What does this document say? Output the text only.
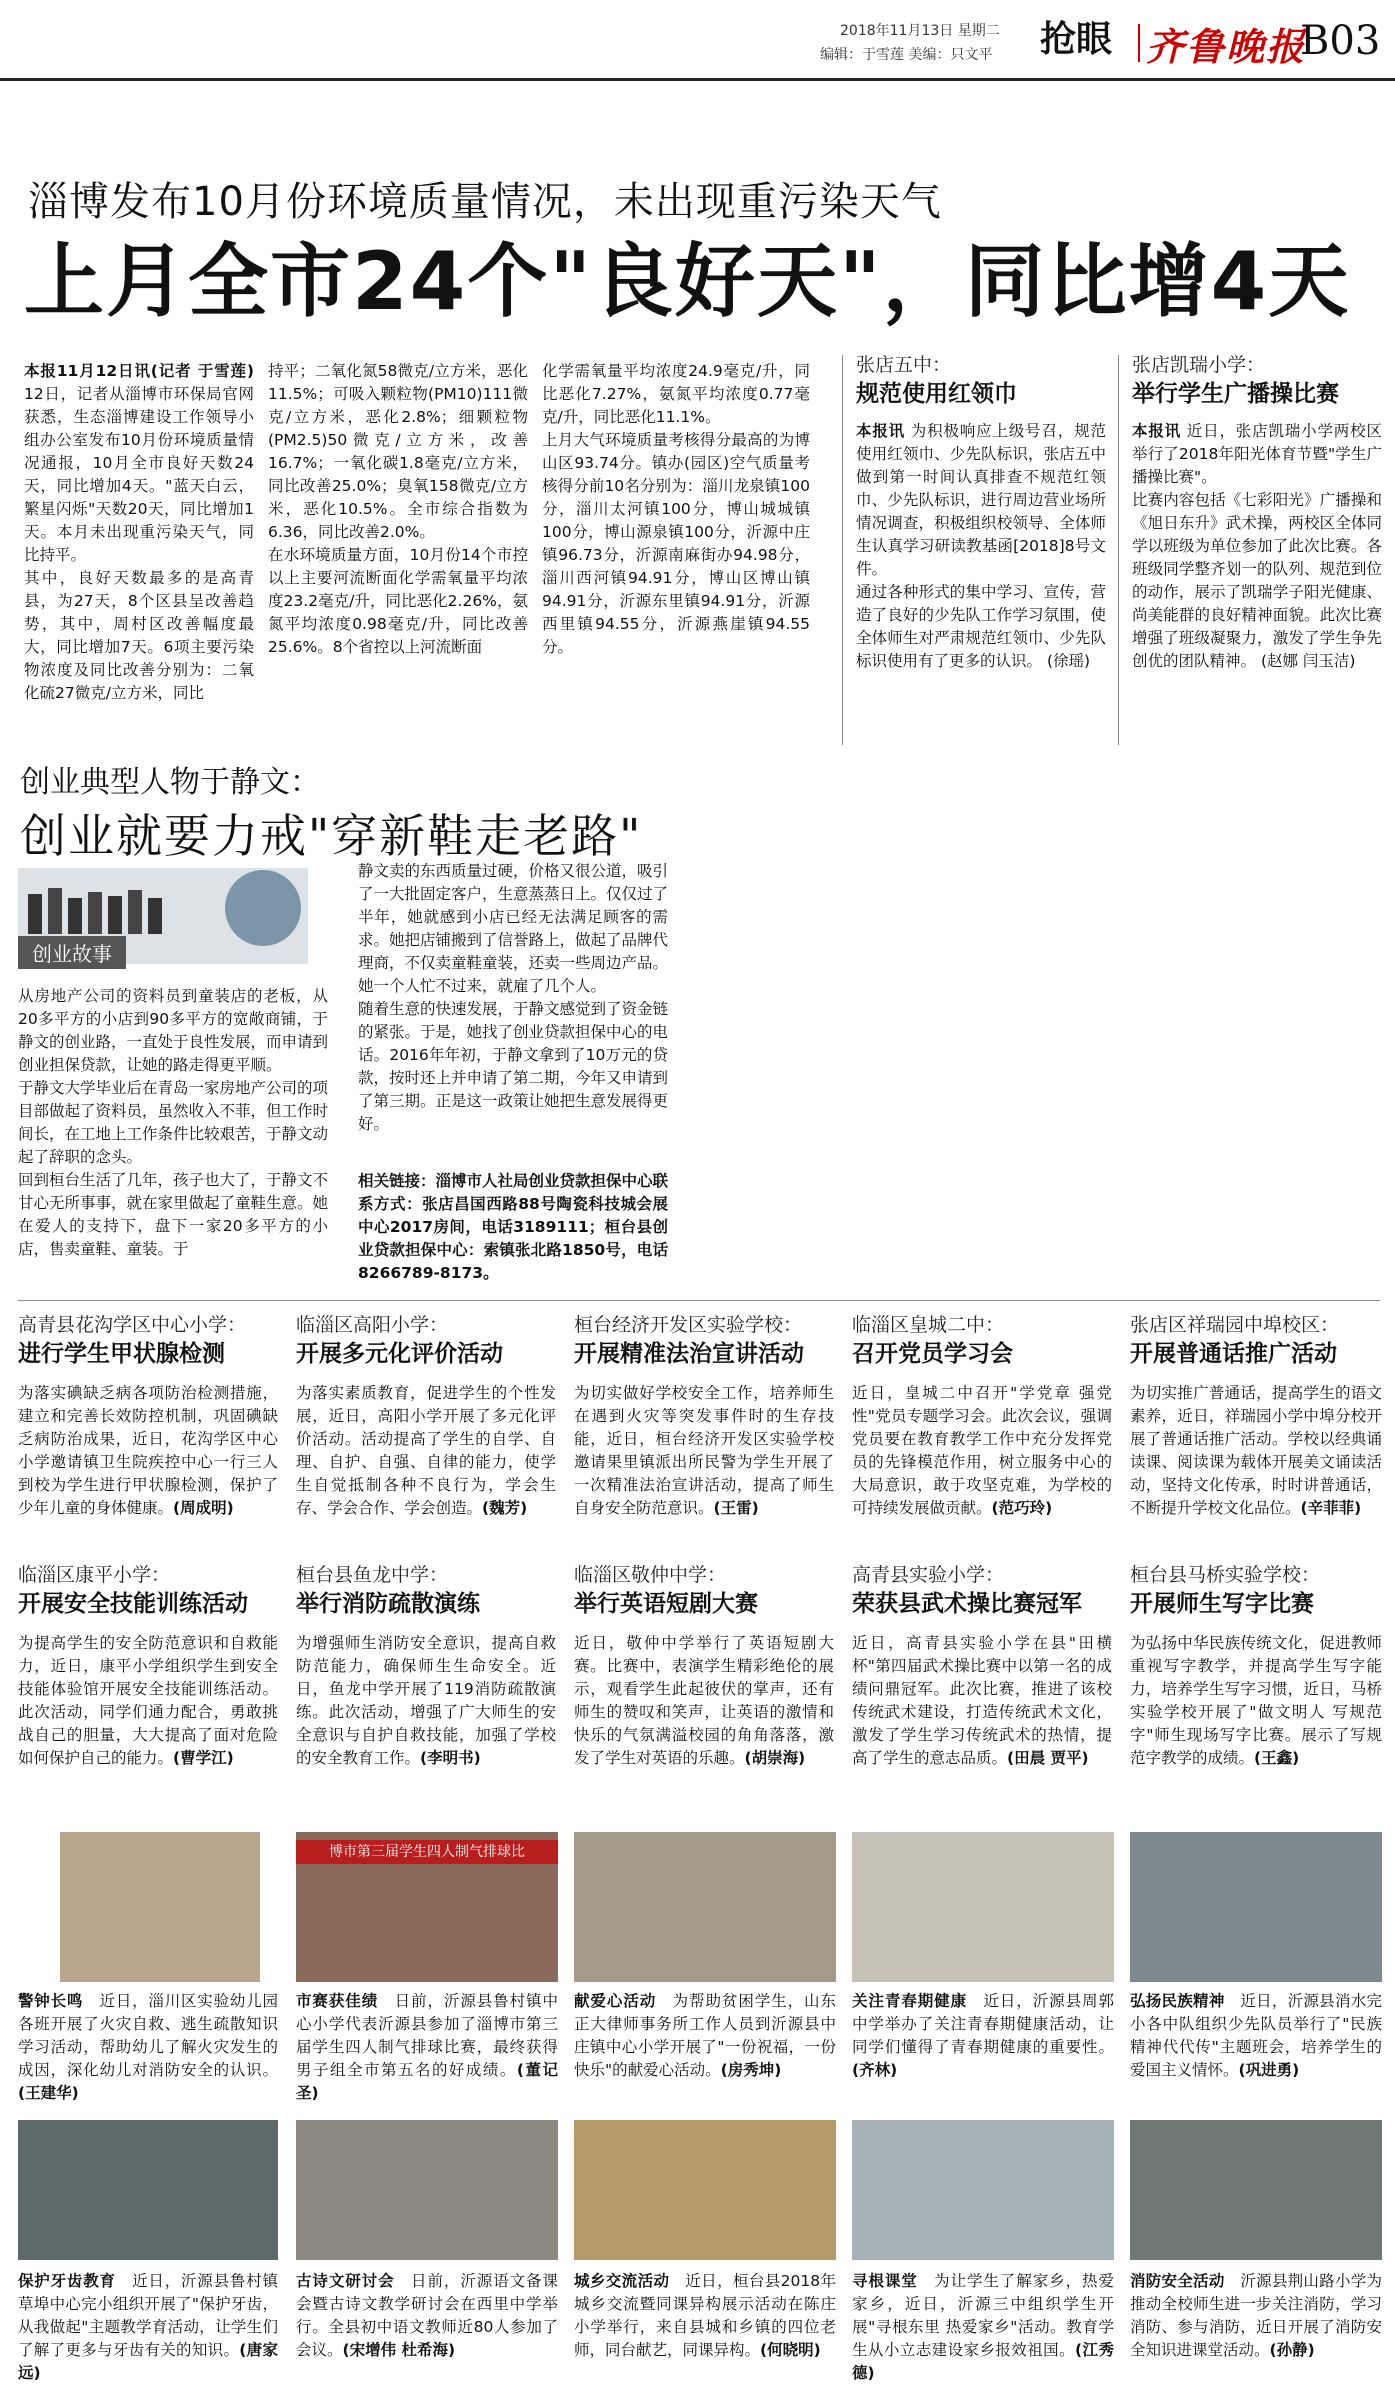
2018年11月13日 星期二
编辑：于雪莲 美编：只文平 抢眼 齐鲁晚报
B03
淄博发布10月份环境质量情况，未出现重污染天气
上月全市24个"良好天"，同比增4天
本报11月12日讯(记者 于雪莲) 12日，记者从淄博市环保局官网获悉，生态淄博建设工作领导小组办公室发布10月份环境质量情况通报，10月全市良好天数24天，同比增加4天。"蓝天白云，繁星闪烁"天数20天，同比增加1天。本月未出现重污染天气，同比持平。
其中，良好天数最多的是高青县，为27天，8个区县呈改善趋势，其中，周村区改善幅度最大，同比增加7天。6项主要污染物浓度及同比改善分别为：二氧化硫27微克/立方米，同比
持平；二氧化氮58微克/立方米，恶化11.5%；可吸入颗粒物(PM10)111微克/立方米，恶化2.8%；细颗粒物(PM2.5)50微克/立方米，改善16.7%；一氧化碳1.8毫克/立方米，同比改善25.0%；臭氧158微克/立方米，恶化10.5%。全市综合指数为6.36，同比改善2.0%。
在水环境质量方面，10月份14个市控以上主要河流断面化学需氧量平均浓度23.2毫克/升，同比恶化2.26%，氨氮平均浓度0.98毫克/升，同比改善25.6%。8个省控以上河流断面
化学需氧量平均浓度24.9毫克/升，同比恶化7.27%，氨氮平均浓度0.77毫克/升，同比恶化11.1%。
上月大气环境质量考核得分最高的为博山区93.74分。镇办(园区)空气质量考核得分前10名分别为：淄川龙泉镇100分，淄川太河镇100分，博山城城镇100分，博山源泉镇100分，沂源中庄镇96.73分，沂源南麻街办94.98分，淄川西河镇94.91分，博山区博山镇94.91分，沂源东里镇94.91分，沂源西里镇94.55分，沂源燕崖镇94.55分。
张店五中：
规范使用红领巾
本报讯 为积极响应上级号召，规范使用红领巾、少先队标识，张店五中做到第一时间认真排查不规范红领巾、少先队标识，进行周边营业场所情况调查，积极组织校领导、全体师生认真学习研读教基函[2018]8号文件。
通过各种形式的集中学习、宣传，营造了良好的少先队工作学习氛围，使全体师生对严肃规范红领巾、少先队标识使用有了更多的认识。 (徐瑶)
张店凯瑞小学：
举行学生广播操比赛
本报讯 近日，张店凯瑞小学两校区举行了2018年阳光体育节暨"学生广播操比赛"。
比赛内容包括《七彩阳光》广播操和《旭日东升》武术操，两校区全体同学以班级为单位参加了此次比赛。各班级同学整齐划一的队列、规范到位的动作，展示了凯瑞学子阳光健康、尚美能群的良好精神面貌。此次比赛增强了班级凝聚力，激发了学生争先创优的团队精神。 (赵娜 闫玉洁)
创业典型人物于静文：
创业就要力戒"穿新鞋走老路"
创业故事
从房地产公司的资料员到童装店的老板，从20多平方的小店到90多平方的宽敞商铺，于静文的创业路，一直处于良性发展，而申请到创业担保贷款，让她的路走得更平顺。
于静文大学毕业后在青岛一家房地产公司的项目部做起了资料员，虽然收入不菲，但工作时间长，在工地上工作条件比较艰苦，于静文动起了辞职的念头。
回到桓台生活了几年，孩子也大了，于静文不甘心无所事事，就在家里做起了童鞋生意。她在爱人的支持下，盘下一家20多平方的小店，售卖童鞋、童装。于
静文卖的东西质量过硬，价格又很公道，吸引了一大批固定客户，生意蒸蒸日上。仅仅过了半年，她就感到小店已经无法满足顾客的需求。她把店铺搬到了信誉路上，做起了品牌代理商，不仅卖童鞋童装，还卖一些周边产品。她一个人忙不过来，就雇了几个人。
随着生意的快速发展，于静文感觉到了资金链的紧张。于是，她找了创业贷款担保中心的电话。2016年年初，于静文拿到了10万元的贷款，按时还上并申请了第二期，今年又申请到了第三期。正是这一政策让她把生意发展得更好。
相关链接：淄博市人社局创业贷款担保中心联系方式：张店昌国西路88号陶瓷科技城会展中心2017房间，电话3189111；桓台县创业贷款担保中心：索镇张北路1850号，电话8266789-8173。
高青县花沟学区中心小学：
进行学生甲状腺检测
为落实碘缺乏病各项防治检测措施，建立和完善长效防控机制，巩固碘缺乏病防治成果，近日，花沟学区中心小学邀请镇卫生院疾控中心一行三人到校为学生进行甲状腺检测，保护了少年儿童的身体健康。(周成明)
临淄区高阳小学：
开展多元化评价活动
为落实素质教育，促进学生的个性发展，近日，高阳小学开展了多元化评价活动。活动提高了学生的自学、自理、自护、自强、自律的能力，使学生自觉抵制各种不良行为，学会生存、学会合作、学会创造。(魏芳)
桓台经济开发区实验学校：
开展精准法治宣讲活动
为切实做好学校安全工作，培养师生在遇到火灾等突发事件时的生存技能，近日，桓台经济开发区实验学校邀请果里镇派出所民警为学生开展了一次精准法治宣讲活动，提高了师生自身安全防范意识。(王雷)
临淄区皇城二中：
召开党员学习会
近日，皇城二中召开"学党章 强党性"党员专题学习会。此次会议，强调党员要在教育教学工作中充分发挥党员的先锋模范作用，树立服务中心的大局意识，敢于攻坚克难，为学校的可持续发展做贡献。(范巧玲)
张店区祥瑞园中埠校区：
开展普通话推广活动
为切实推广普通话，提高学生的语文素养，近日，祥瑞园小学中埠分校开展了普通话推广活动。学校以经典诵读课、阅读课为载体开展美文诵读活动，坚持文化传承，时时讲普通话，不断提升学校文化品位。(辛菲菲)
临淄区康平小学：
开展安全技能训练活动
为提高学生的安全防范意识和自救能力，近日，康平小学组织学生到安全技能体验馆开展安全技能训练活动。此次活动，同学们通力配合，勇敢挑战自己的胆量，大大提高了面对危险如何保护自己的能力。(曹学江)
桓台县鱼龙中学：
举行消防疏散演练
为增强师生消防安全意识，提高自救防范能力，确保师生生命安全。近日，鱼龙中学开展了119消防疏散演练。此次活动，增强了广大师生的安全意识与自护自救技能，加强了学校的安全教育工作。(李明书)
临淄区敬仲中学：
举行英语短剧大赛
近日，敬仲中学举行了英语短剧大赛。比赛中，表演学生精彩绝伦的展示，观看学生此起彼伏的掌声，还有师生的赞叹和笑声，让英语的激情和快乐的气氛满溢校园的角角落落，激发了学生对英语的乐趣。(胡崇海)
高青县实验小学：
荣获县武术操比赛冠军
近日，高青县实验小学在县"田横杯"第四届武术操比赛中以第一名的成绩问鼎冠军。此次比赛，推进了该校传统武术建设，打造传统武术文化，激发了学生学习传统武术的热情，提高了学生的意志品质。(田晨 贾平)
桓台县马桥实验学校：
开展师生写字比赛
为弘扬中华民族传统文化，促进教师重视写字教学，并提高学生写字能力，培养学生写字习惯，近日，马桥实验学校开展了"做文明人 写规范字"师生现场写字比赛。展示了写规范字教学的成绩。(王鑫)
博市第三届学生四人制气排球比
警钟长鸣　 近日，淄川区实验幼儿园各班开展了火灾自救、逃生疏散知识学习活动，帮助幼儿了解火灾发生的成因，深化幼儿对消防安全的认识。(王建华)
市赛获佳绩　 日前，沂源县鲁村镇中心小学代表沂源县参加了淄博市第三届学生四人制气排球比赛，最终获得男子组全市第五名的好成绩。(董记圣)
献爱心活动　 为帮助贫困学生，山东正大律师事务所工作人员到沂源县中庄镇中心小学开展了"一份祝福，一份快乐"的献爱心活动。(房秀坤)
关注青春期健康　 近日，沂源县周郭中学举办了关注青春期健康活动，让同学们懂得了青春期健康的重要性。(齐林)
弘扬民族精神　 近日，沂源县消水完小各中队组织少先队员举行了"民族精神代代传"主题班会，培养学生的爱国主义情怀。(巩进勇)
保护牙齿教育　 近日，沂源县鲁村镇草埠中心完小组织开展了"保护牙齿，从我做起"主题教学育活动，让学生们了解了更多与牙齿有关的知识。(唐家远)
古诗文研讨会　 日前，沂源语文备课会暨古诗文教学研讨会在西里中学举行。全县初中语文教师近80人参加了会议。(宋增伟 杜希海)
城乡交流活动　 近日，桓台县2018年城乡交流暨同课异构展示活动在陈庄小学举行，来自县城和乡镇的四位老师，同台献艺，同课异构。(何晓明)
寻根课堂　 为让学生了解家乡，热爱家乡，近日，沂源三中组织学生开展"寻根东里 热爱家乡"活动。教育学生从小立志建设家乡报效祖国。(江秀德)
消防安全活动　 沂源县荆山路小学为推动全校师生进一步关注消防，学习消防、参与消防，近日开展了消防安全知识进课堂活动。(孙静)
